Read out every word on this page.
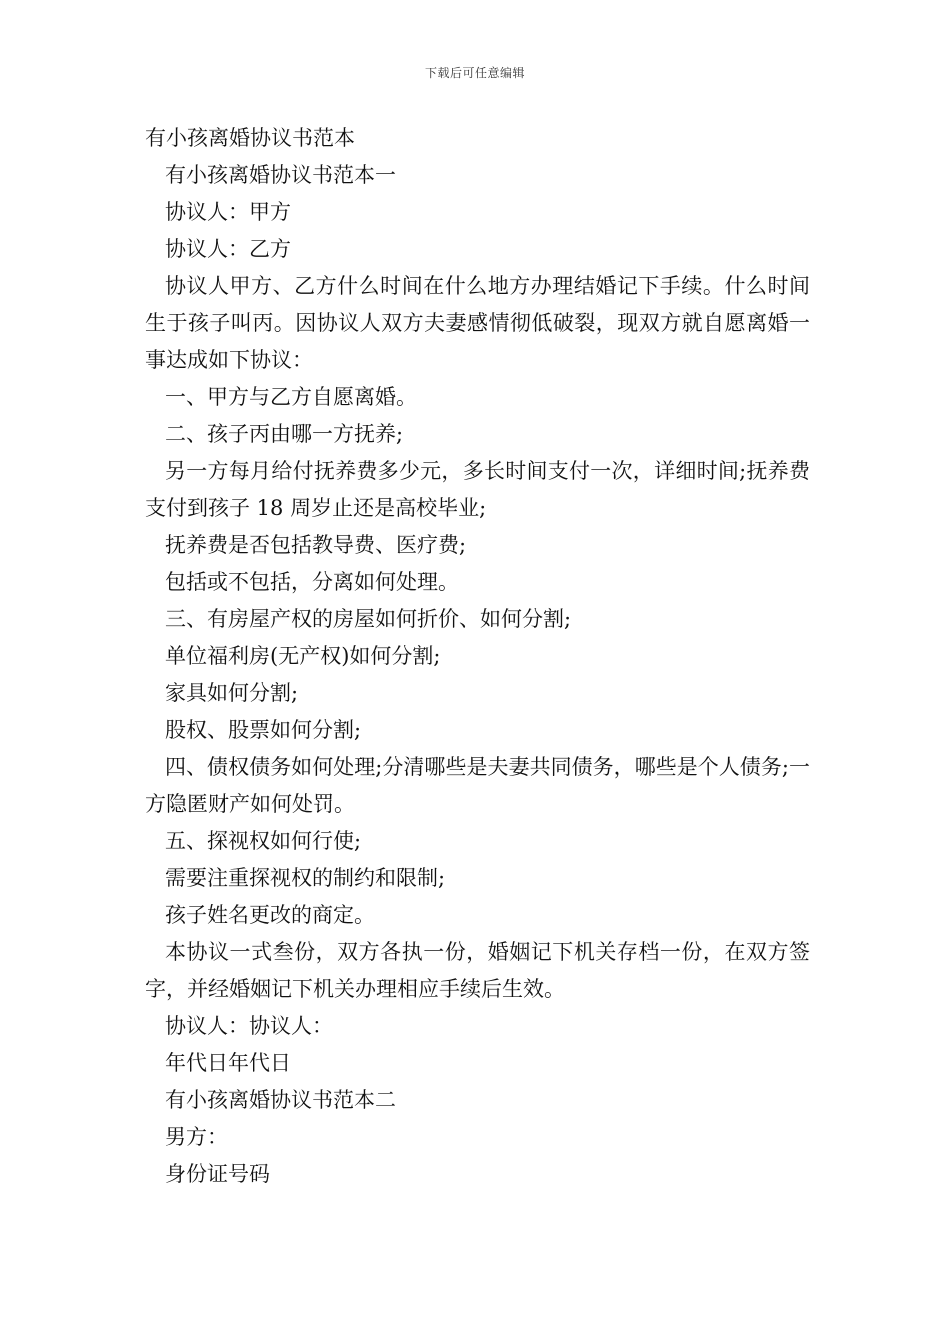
下载后可任意编辑

有小孩离婚协议书范本

有小孩离婚协议书范本一

协议人：甲方

协议人：乙方

协议人甲方、乙方什么时间在什么地方办理结婚记下手续。什么时间生于孩子叫丙。因协议人双方夫妻感情彻低破裂，现双方就自愿离婚一事达成如下协议：

一、甲方与乙方自愿离婚。

二、孩子丙由哪一方抚养;

另一方每月给付抚养费多少元，多长时间支付一次，详细时间;抚养费支付到孩子 18 周岁止还是高校毕业;

抚养费是否包括教导费、医疗费;

包括或不包括，分离如何处理。

三、有房屋产权的房屋如何折价、如何分割;

单位福利房(无产权)如何分割;

家具如何分割;

股权、股票如何分割;

四、债权债务如何处理;分清哪些是夫妻共同债务，哪些是个人债务;一方隐匿财产如何处罚。

五、探视权如何行使;

需要注重探视权的制约和限制;

孩子姓名更改的商定。

本协议一式叁份，双方各执一份，婚姻记下机关存档一份，在双方签字，并经婚姻记下机关办理相应手续后生效。

协议人：协议人：

年代日年代日

有小孩离婚协议书范本二

男方：

身份证号码
